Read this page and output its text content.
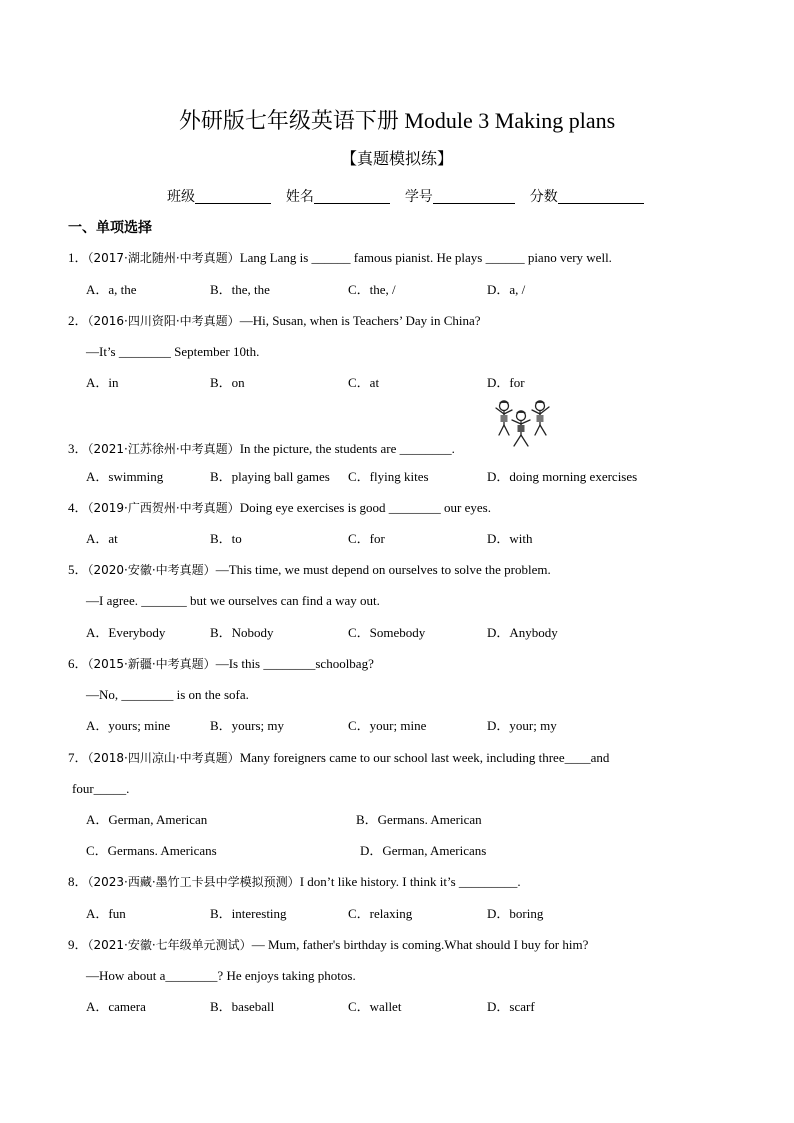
外研版七年级英语下册 Module 3 Making plans
【真题模拟练】
班级	姓名	学号	分数
一、单项选择
1．（2017·湖北随州·中考真题）Lang Lang is ______ famous pianist. He plays ______ piano very well.
A．a, the	B．the, the	C．the, /	D．a, /
2．（2016·四川资阳·中考真题）—Hi, Susan, when is Teachers’ Day in China?
—It’s ________ September 10th.
A．in	B．on	C．at	D．for
3．（2021·江苏徐州·中考真题）In the picture, the students are ________.
A．swimming	B．playing ball games C．flying kites	D．doing morning exercises
4．（2019·广西贺州·中考真题）Doing eye exercises is good ________ our eyes.
A．at	B．to	C．for	D．with
5．（2020·安徽·中考真题）—This time, we must depend on ourselves to solve the problem.
—I agree. _______ but we ourselves can find a way out.
A．Everybody	B．Nobody	C．Somebody	D．Anybody
6．（2015·新疆·中考真题）—Is this ________schoolbag?
—No, ________ is on the sofa.
A．yours; mine	B．yours; my	C．your; mine	D．your; my
7．（2018·四川凉山·中考真题）Many foreigners came to our school last week, including three____and
four_____.
A．German, American	B．Germans. American
C．Germans. Americans	D．German, Americans
8．（2023·西藏·墨竹工卡县中学模拟预测）I don’t like history. I think it’s _________.
A．fun	B．interesting	C．relaxing	D．boring
9．（2021·安徽·七年级单元测试）— Mum, father's birthday is coming.What should I buy for him?
—How about a________? He enjoys taking photos.
A．camera	B．baseball	C．wallet	D．scarf
